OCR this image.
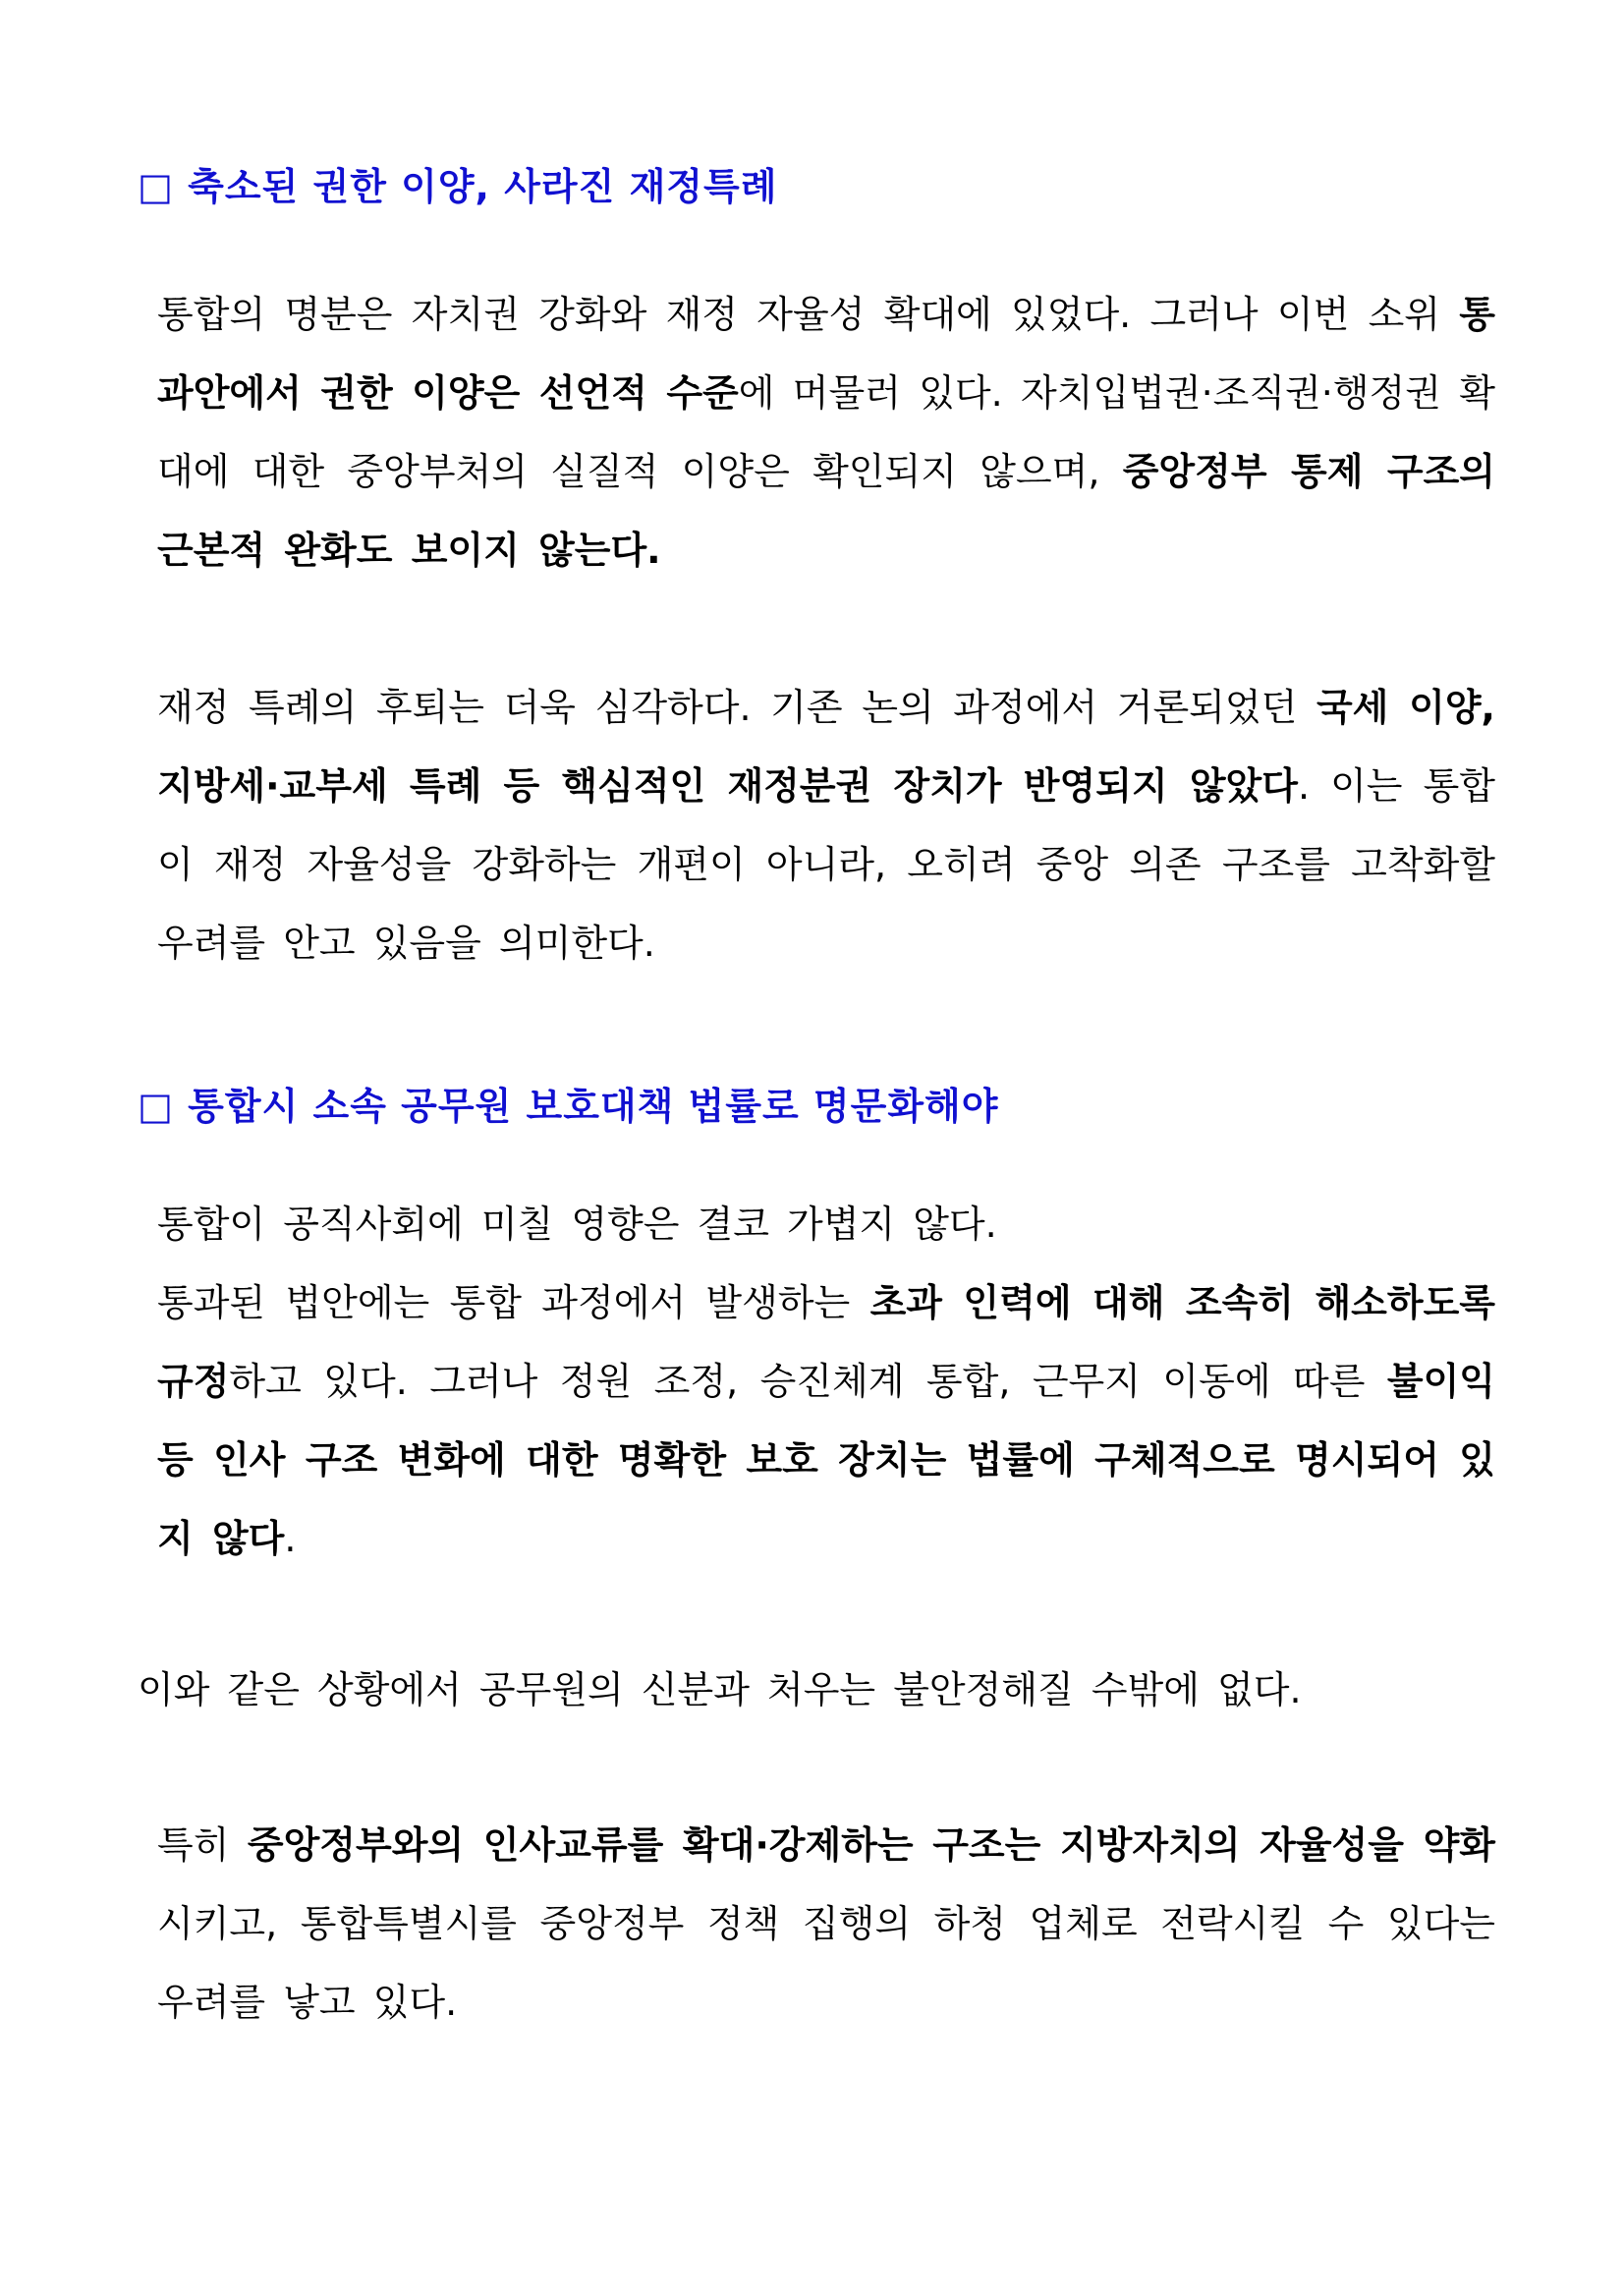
□ 축소된 권한 이양, 사라진 재정특례

통합의 명분은 자치권 강화와 재정 자율성 확대에 있었다. 그러나 이번 소위 통과안에서 권한 이양은 선언적 수준에 머물러 있다. 자치입법권·조직권·행정권 확대에 대한 중앙부처의 실질적 이양은 확인되지 않으며, 중앙정부 통제 구조의 근본적 완화도 보이지 않는다.

재정 특례의 후퇴는 더욱 심각하다. 기존 논의 과정에서 거론되었던 국세 이양, 지방세·교부세 특례 등 핵심적인 재정분권 장치가 반영되지 않았다. 이는 통합이 재정 자율성을 강화하는 개편이 아니라, 오히려 중앙 의존 구조를 고착화할 우려를 안고 있음을 의미한다.

□ 통합시 소속 공무원 보호대책 법률로 명문화해야

통합이 공직사회에 미칠 영향은 결코 가볍지 않다.

통과된 법안에는 통합 과정에서 발생하는 초과 인력에 대해 조속히 해소하도록 규정하고 있다. 그러나 정원 조정, 승진체계 통합, 근무지 이동에 따른 불이익 등 인사 구조 변화에 대한 명확한 보호 장치는 법률에 구체적으로 명시되어 있지 않다.

이와 같은 상황에서 공무원의 신분과 처우는 불안정해질 수밖에 없다.

특히 중앙정부와의 인사교류를 확대·강제하는 구조는 지방자치의 자율성을 약화시키고, 통합특별시를 중앙정부 정책 집행의 하청 업체로 전락시킬 수 있다는 우려를 낳고 있다.
